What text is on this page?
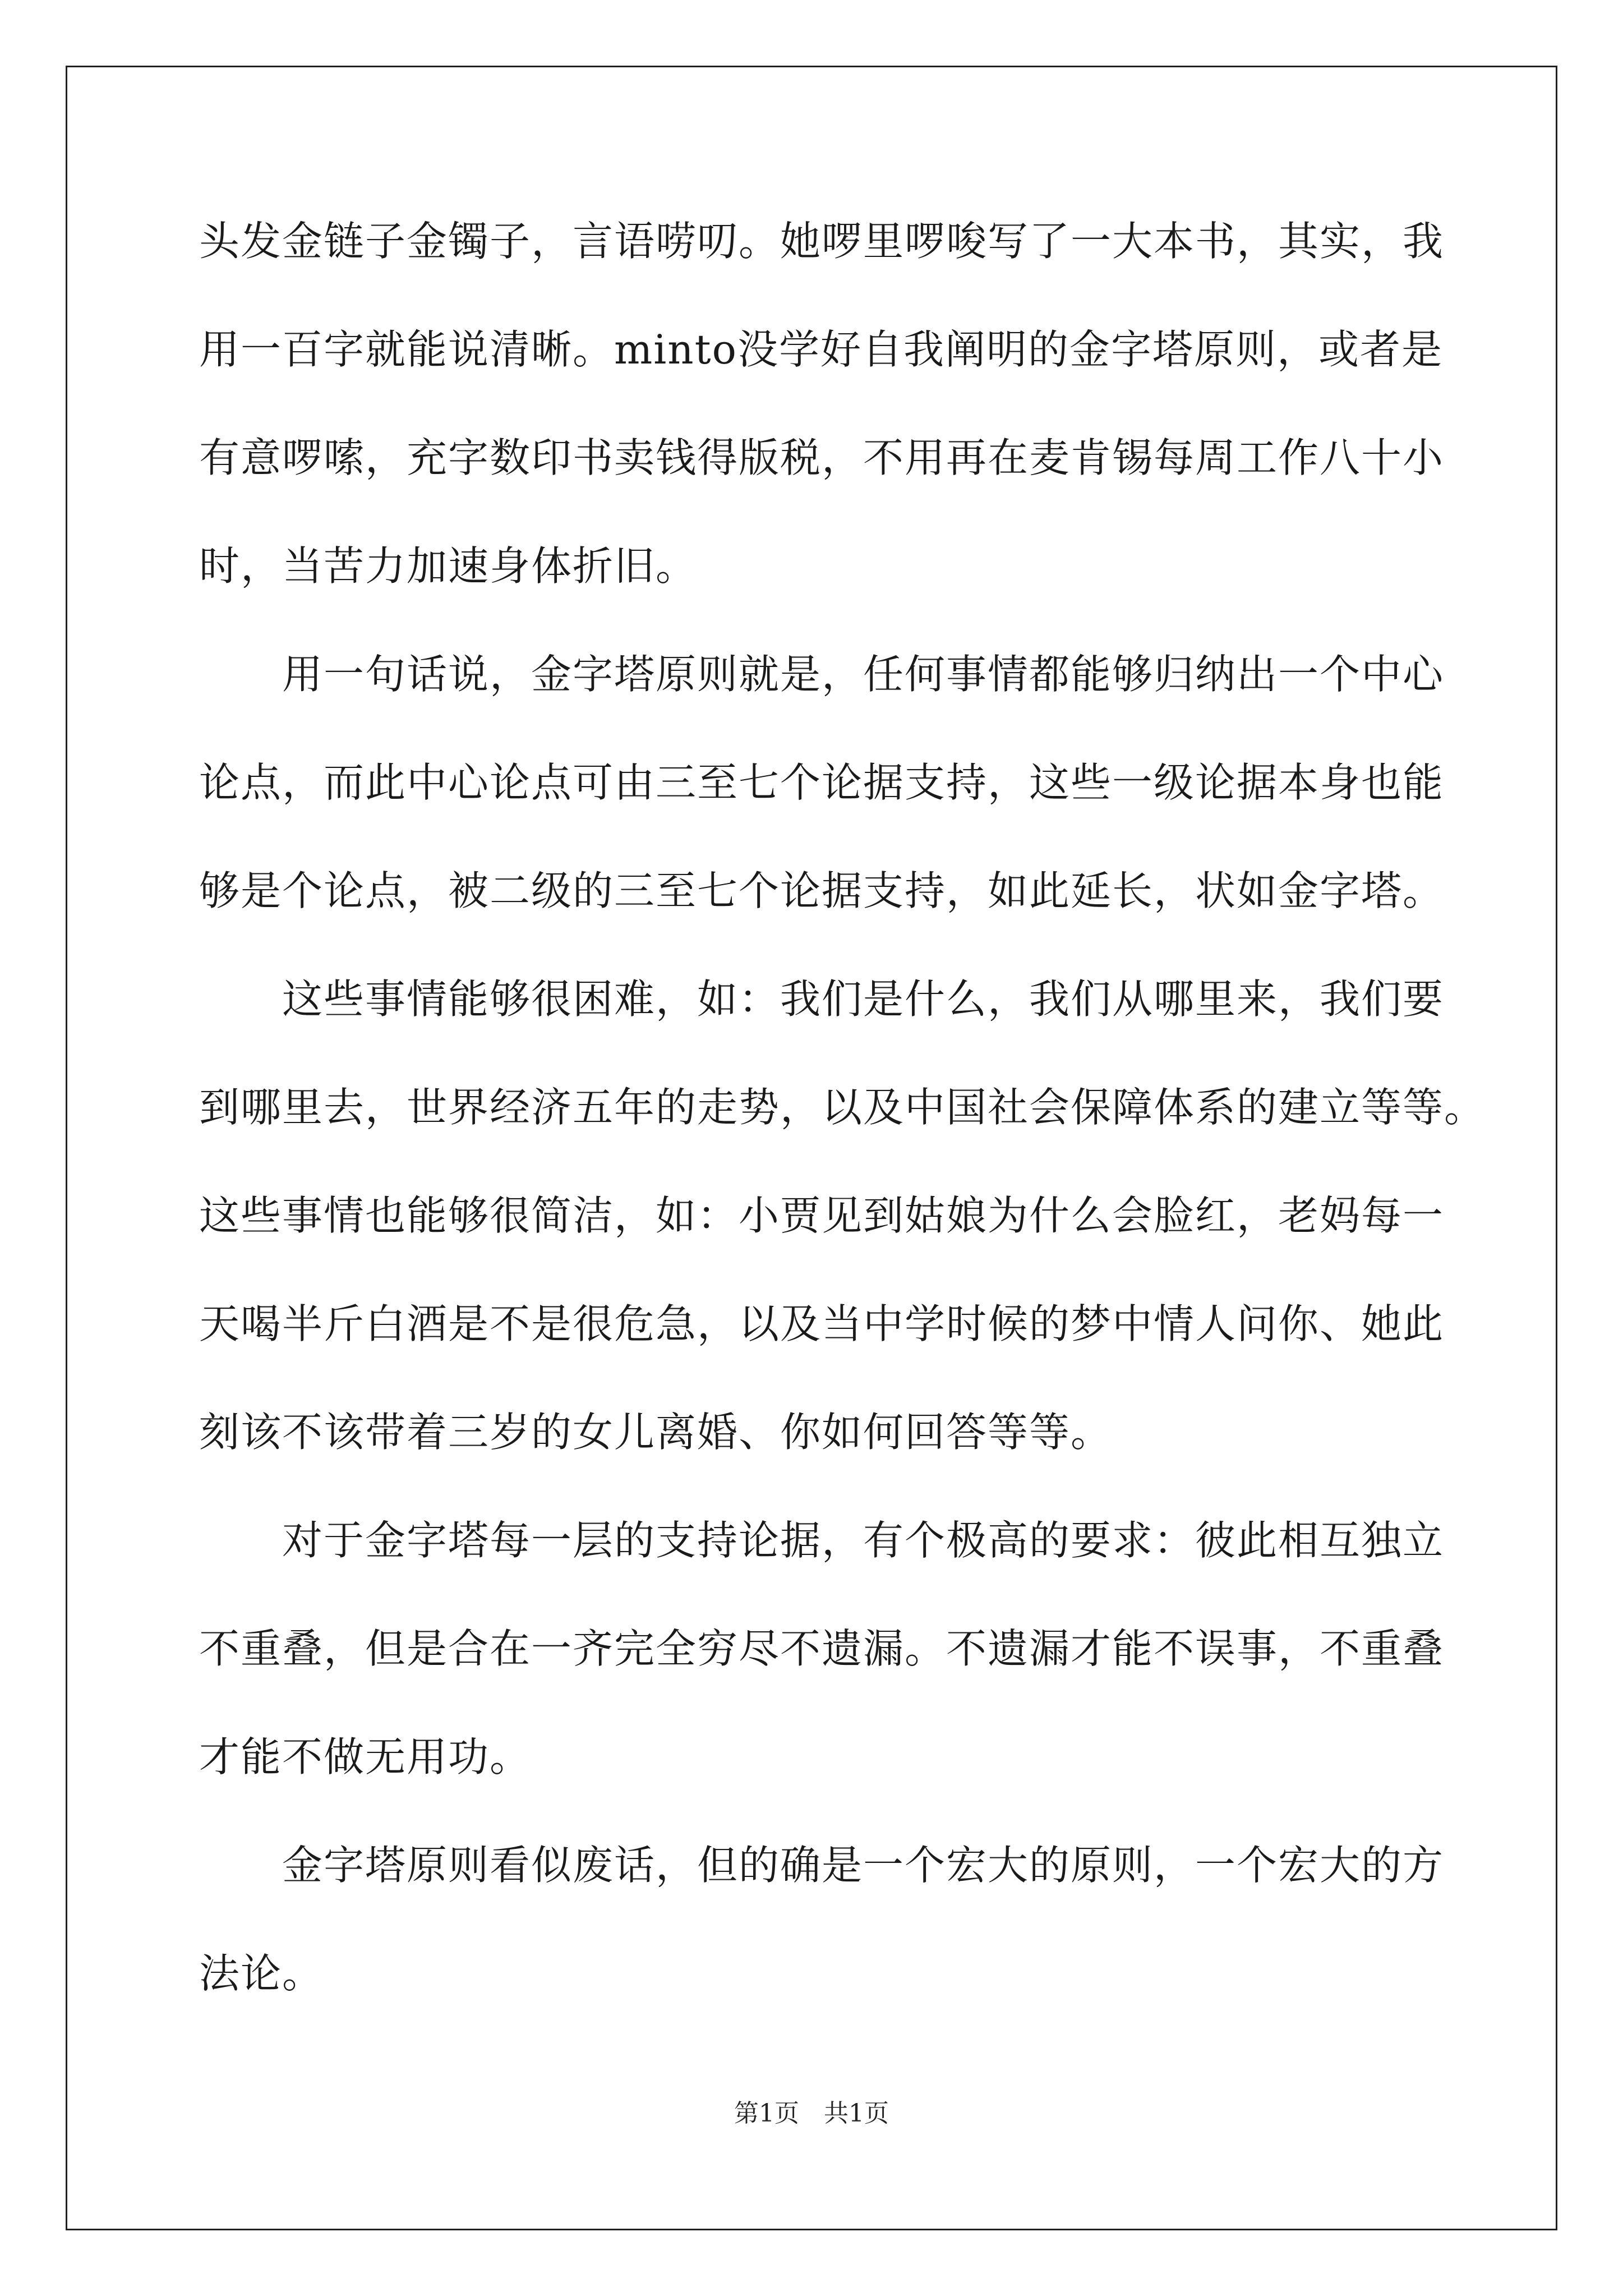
头发金链子金镯子，言语唠叨。她啰里啰唆写了一大本书，其实，我
用一百字就能说清晰。minto没学好自我阐明的金字塔原则，或者是
有意啰嗦，充字数印书卖钱得版税，不用再在麦肯锡每周工作八十小
时，当苦力加速身体折旧。
　　用一句话说，金字塔原则就是，任何事情都能够归纳出一个中心
论点，而此中心论点可由三至七个论据支持，这些一级论据本身也能
够是个论点，被二级的三至七个论据支持，如此延长，状如金字塔。
　　这些事情能够很困难，如：我们是什么，我们从哪里来，我们要
到哪里去，世界经济五年的走势，以及中国社会保障体系的建立等等。
这些事情也能够很简洁，如：小贾见到姑娘为什么会脸红，老妈每一
天喝半斤白酒是不是很危急，以及当中学时候的梦中情人问你、她此
刻该不该带着三岁的女儿离婚、你如何回答等等。
　　对于金字塔每一层的支持论据，有个极高的要求：彼此相互独立
不重叠，但是合在一齐完全穷尽不遗漏。不遗漏才能不误事，不重叠
才能不做无用功。
　　金字塔原则看似废话，但的确是一个宏大的原则，一个宏大的方
法论。
第1页　共1页
